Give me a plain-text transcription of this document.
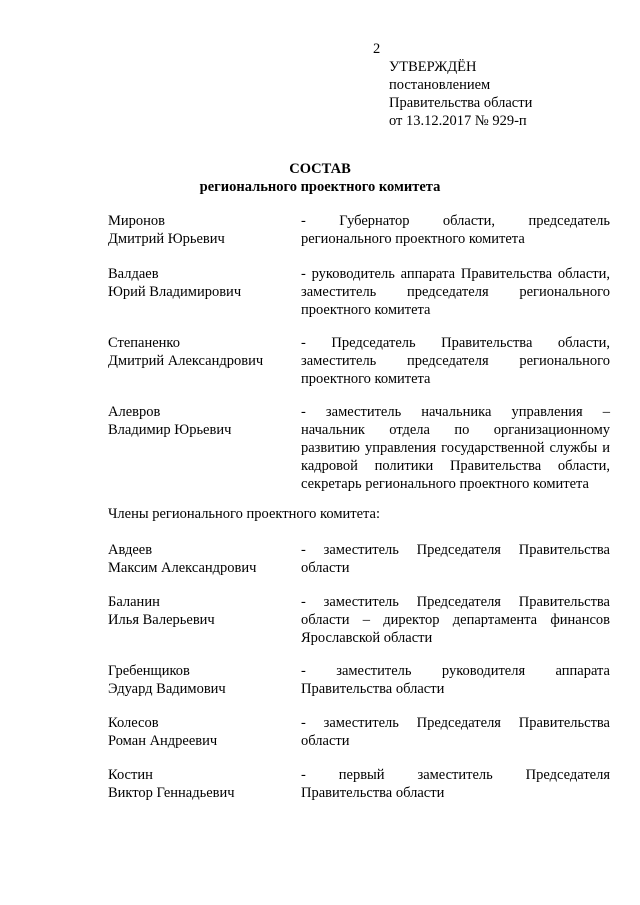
2
УТВЕРЖДЁН
постановлением
Правительства области
от 13.12.2017 № 929-п
СОСТАВ
регионального проектного комитета
Миронов
Дмитрий Юрьевич
- Губернатор области, председатель регионального проектного комитета
Валдаев
Юрий Владимирович
- руководитель аппарата Правительства области, заместитель председателя регионального проектного комитета
Степаненко
Дмитрий Александрович
- Председатель Правительства области, заместитель председателя регионального проектного комитета
Алевров
Владимир Юрьевич
- заместитель начальника управления – начальник отдела по организационному развитию управления государственной службы и кадровой политики Правительства области, секретарь регионального проектного комитета
Члены регионального проектного комитета:
Авдеев
Максим Александрович
- заместитель Председателя Правительства области
Баланин
Илья Валерьевич
- заместитель Председателя Правительства области – директор департамента финансов Ярославской области
Гребенщиков
Эдуард Вадимович
- заместитель руководителя аппарата Правительства области
Колесов
Роман Андреевич
- заместитель Председателя Правительства области
Костин
Виктор Геннадьевич
- первый заместитель Председателя Правительства области
